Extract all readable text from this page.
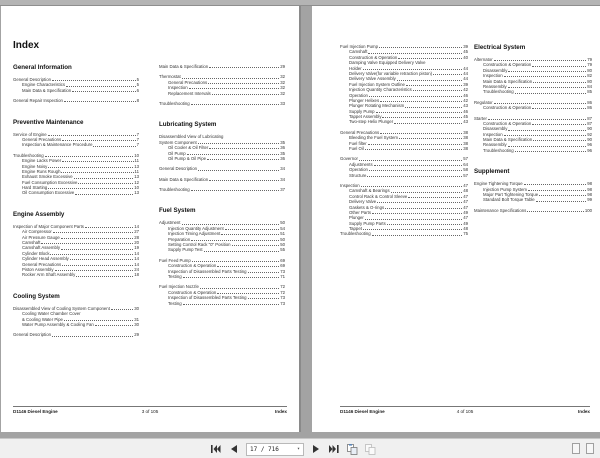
Index
General Information
General Description	5
Engine Characteristics	5
Main Data & Specification	6
General Repair Inspection	8
Preventive Maintenance
Service of Engine	7
General Precautions	7
Inspection & Maintenance Procedure	7
Troubleshooting	10
Engine Lacks Power	11
Engine Noisy	13
Engine Runs Rough	11
Exhaust Smoke Excessive	13
Fuel Consumption Excessive	12
Hard Starting	10
Oil Consumption Excessive	13
Engine Assembly
Inspection of Major Component Parts	14
Air Compressor	27
Air Pressure Gauge	28
Camshaft	20
Camshaft Assembly	19
Cylinder Block	14
Cylinder Head Assembly	14
General Precautions	14
Piston Assembly	24
Rocker Arm Shaft Assembly	18
Cooling System
Disassembled View of Cooling System Component	30
Cooling Water Chamber Cover
& Cooling Water Pipe	31
Water Pump Assembly & Cooling Fan	30
General Description	29
Main Data & Specification	29
Thermostat	32
General Precautions	32
Inspection	32
Replacement Intervals	32
Troubleshooting	33
Lubricating System
Disassembled View of Lubricating
System Component	35
Oil Cooler & Oil Filter	36
Oil Pump	35
Oil Pump & Oil Pipe	36
General Description	34
Main Data & Specification	34
Troubleshooting	37
Fuel System
Adjustment	50
Injection Quantity Adjustment	54
Injection Timing Adjustment	51
Preparation	50
Setting Control Rack "0" Position	50
Supply Pump Test	55
Fuel Feed Pump	69
Construction & Operation	69
Inspection of Disassembled Parts Testing	73
Testing	71
Fuel Injection Nozzle	72
Construction & Operation	72
Inspection of Disassembled Parts Testing	73
Testing	73
D1146 Diesel Engine	3 of 105	Index
Fuel Injection Pump	39
Camshaft	45
Construction & Operation	40
Damping Valve Equipped Delivery Valve
Holder	44
Delivery Valve(for variable retraction piston)	44
Delivery Valve Assembly	44
Fuel Injection System Outline	39
Injection Quantity Characteristics	42
Operation	46
Plunger Helixes	42
Plunger Rotating Mechanism	43
Supply Pump	46
Tappet Assembly	45
Two-step Helix Plunger	43
General Precautions	38
Bleeding the Fuel System	38
Fuel filter	38
Fuel Oil	38
Governor	57
Adjustments	64
Operation	58
Structure	57
Inspection	47
Camshaft & Bearings	48
Control Rack & Control Sleeve	47
Delivery Valve	47
Gaskets & O-rings	47
Other Parts	49
Plunger	47
Supply Pump Parts	49
Tappet	48
Troubleshooting	75
Electrical System
Alternator	79
Construction & Operation	79
Disassembly	80
Inspection	82
Main Data & Specification	80
Reassembly	84
Troubleshooting	85
Regulator	86
Construction & Operation	86
Starter	87
Construction & Operation	87
Disassembly	90
Inspection	92
Main Data & Specification	90
Reassembly	96
Troubleshooting	96
Supplement
Engine Tightening Torque	98
Injection Pump System	98
Major Part Tightening Torque	98
Standard Bolt Torque Table	99
Maintenance Specifications	100
D1146 Diesel Engine	4 of 105	Index
17 / 716	▾
